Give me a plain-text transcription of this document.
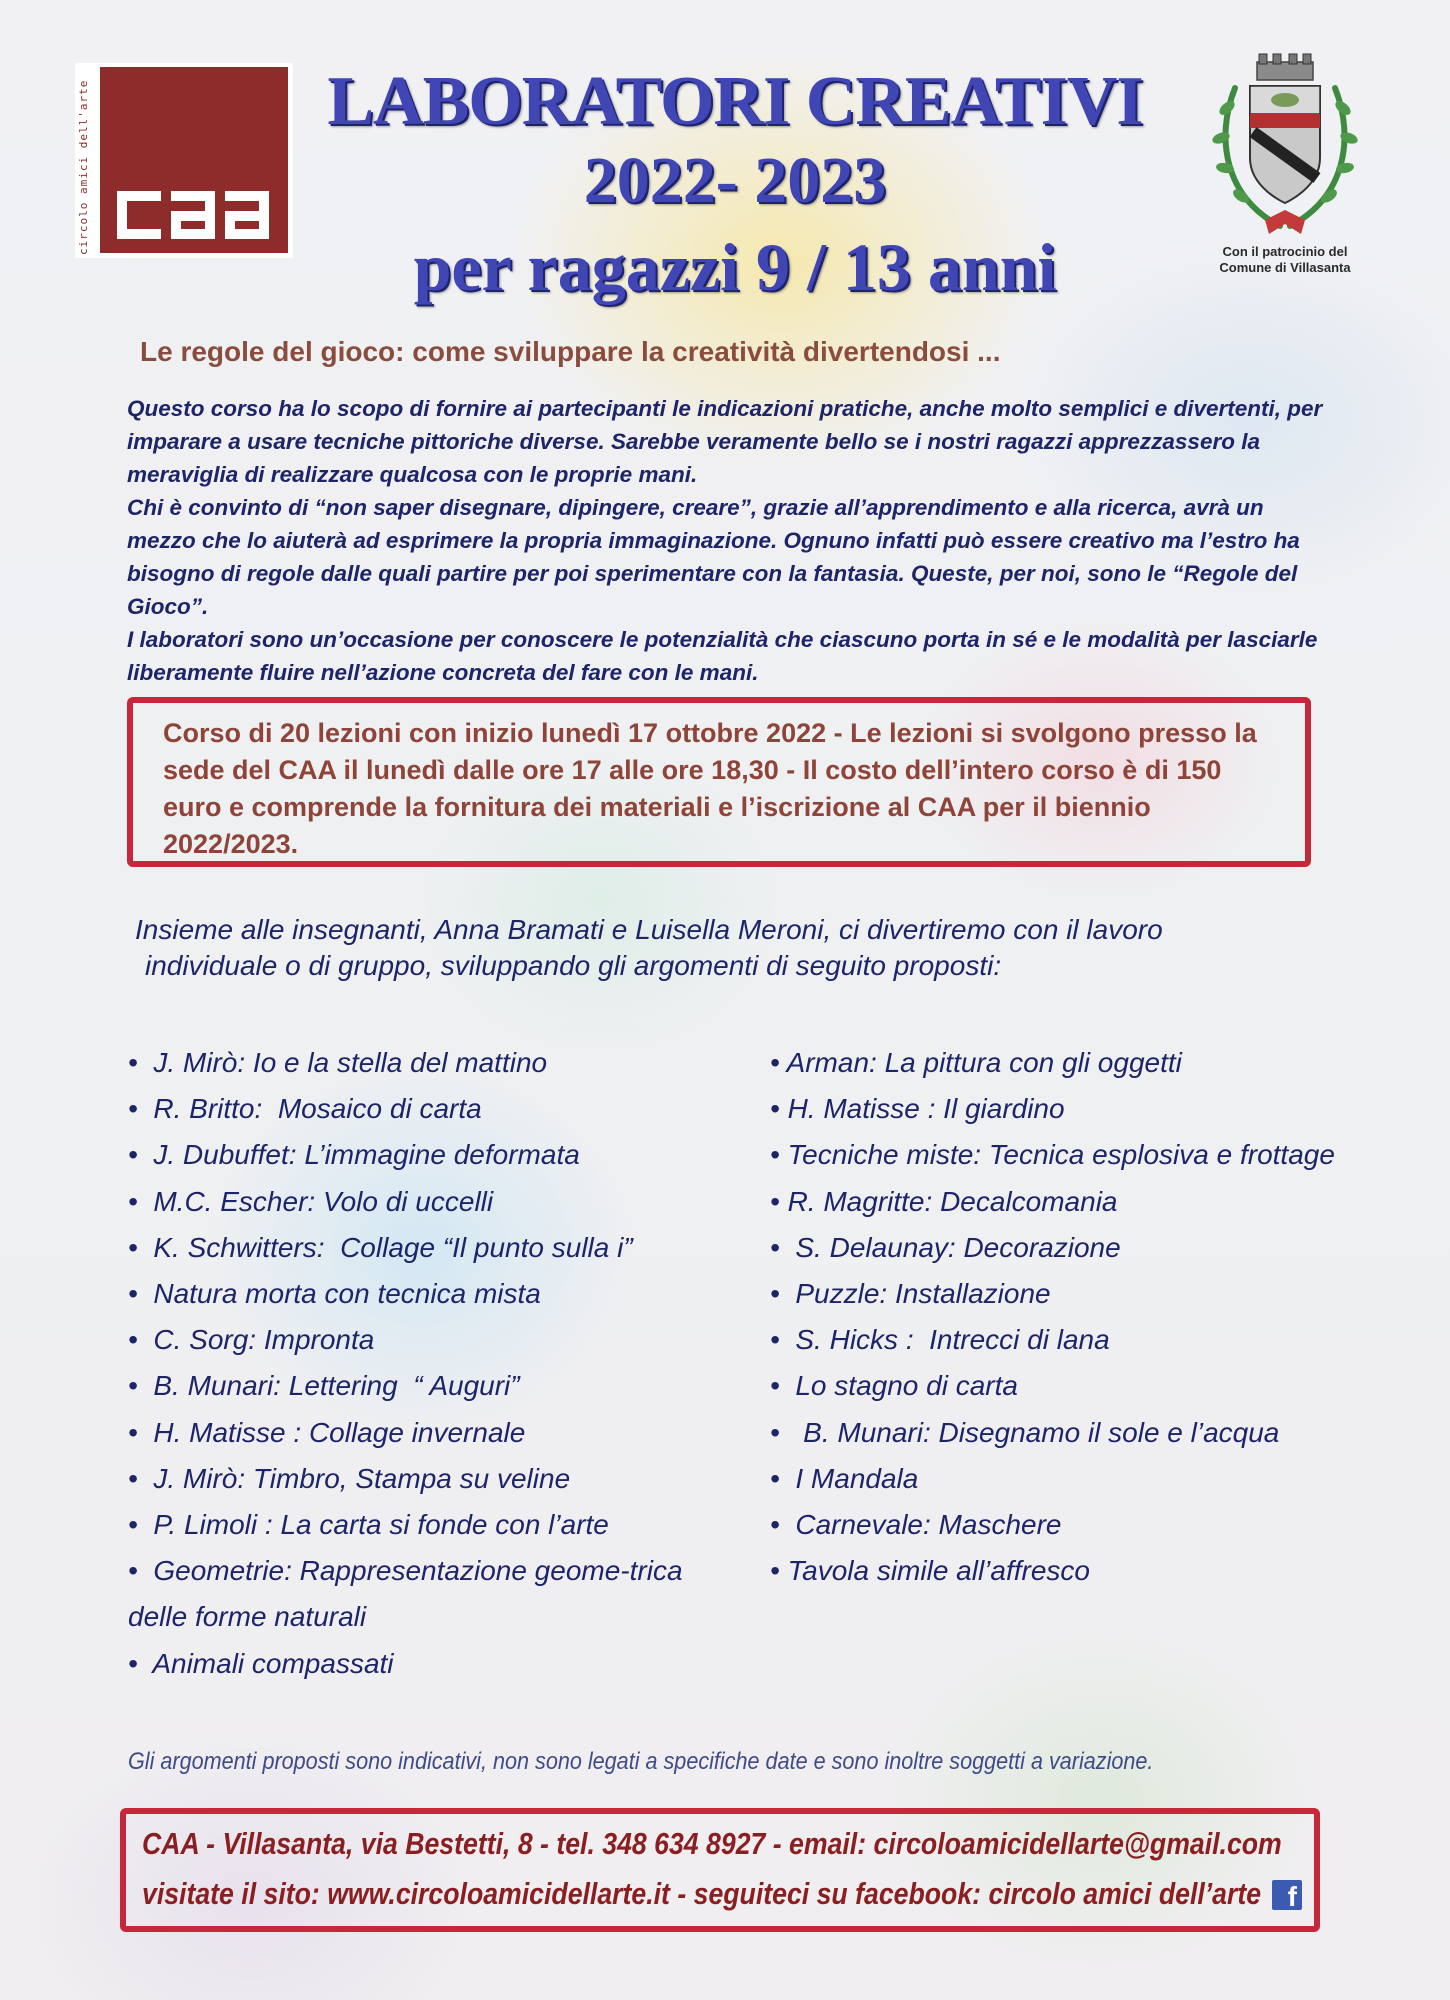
circolo amici dell'arte	Con il patrocinio del
Comune di Villasanta
LABORATORI CREATIVI
2022- 2023
per ragazzi 9 / 13 anni
Le regole del gioco: come sviluppare la creatività divertendosi ...

Questo corso ha lo scopo di fornire ai partecipanti le indicazioni pratiche, anche molto semplici e divertenti, per imparare a usare tecniche pittoriche diverse. Sarebbe veramente bello se i nostri ragazzi apprezzassero la meraviglia di realizzare qualcosa con le proprie mani.

Chi è convinto di “non saper disegnare, dipingere, creare”, grazie all’apprendimento e alla ricerca, avrà un mezzo che lo aiuterà ad esprimere la propria immaginazione. Ognuno infatti può essere creativo ma l’estro ha bisogno di regole dalle quali partire per poi sperimentare con la fantasia. Queste, per noi, sono le “Regole del Gioco”.

I laboratori sono un’occasione per conoscere le potenzialità che ciascuno porta in sé e le modalità per lasciarle liberamente fluire nell’azione concreta del fare con le mani.

Corso di 20 lezioni con inizio lunedì 17 ottobre 2022 - Le lezioni si svolgono presso la sede del CAA il lunedì dalle ore 17 alle ore 18,30 - Il costo dell’intero corso è di 150 euro e comprende la fornitura dei materiali e l’iscrizione al CAA per il biennio 2022/2023.

Insieme alle insegnanti, Anna Bramati e Luisella Meroni, ci divertiremo con il lavoro
individuale o di gruppo, sviluppando gli argomenti di seguito proposti:
•  J. Mirò: Io e la stella del mattino
•  R. Britto:  Mosaico di carta
•  J. Dubuffet: L’immagine deformata
•  M.C. Escher: Volo di uccelli
•  K. Schwitters:  Collage “Il punto sulla i”
•  Natura morta con tecnica mista
•  C. Sorg: Impronta
•  B. Munari: Lettering  “ Auguri”
•  H. Matisse : Collage invernale
•  J. Mirò: Timbro, Stampa su veline
•  P. Limoli : La carta si fonde con l’arte
•  Geometrie: Rappresentazione geome-trica delle forme naturali
•  Animali compassati
• Arman: La pittura con gli oggetti
• H. Matisse : Il giardino
• Tecniche miste: Tecnica esplosiva e frottage
• R. Magritte: Decalcomania
•  S. Delaunay: Decorazione
•  Puzzle: Installazione
•  S. Hicks :  Intrecci di lana
•  Lo stagno di carta
•   B. Munari: Disegnamo il sole e l’acqua
•  I Mandala
•  Carnevale: Maschere
• Tavola simile all’affresco
Gli argomenti proposti sono indicativi, non sono legati a specifiche date e sono inoltre soggetti a variazione.
CAA - Villasanta, via Bestetti, 8 - tel. 348 634 8927 - email: circoloamicidellarte@gmail.com
visitate il sito: www.circoloamicidellarte.it - seguiteci su facebook: circolo amici dell’arte f
